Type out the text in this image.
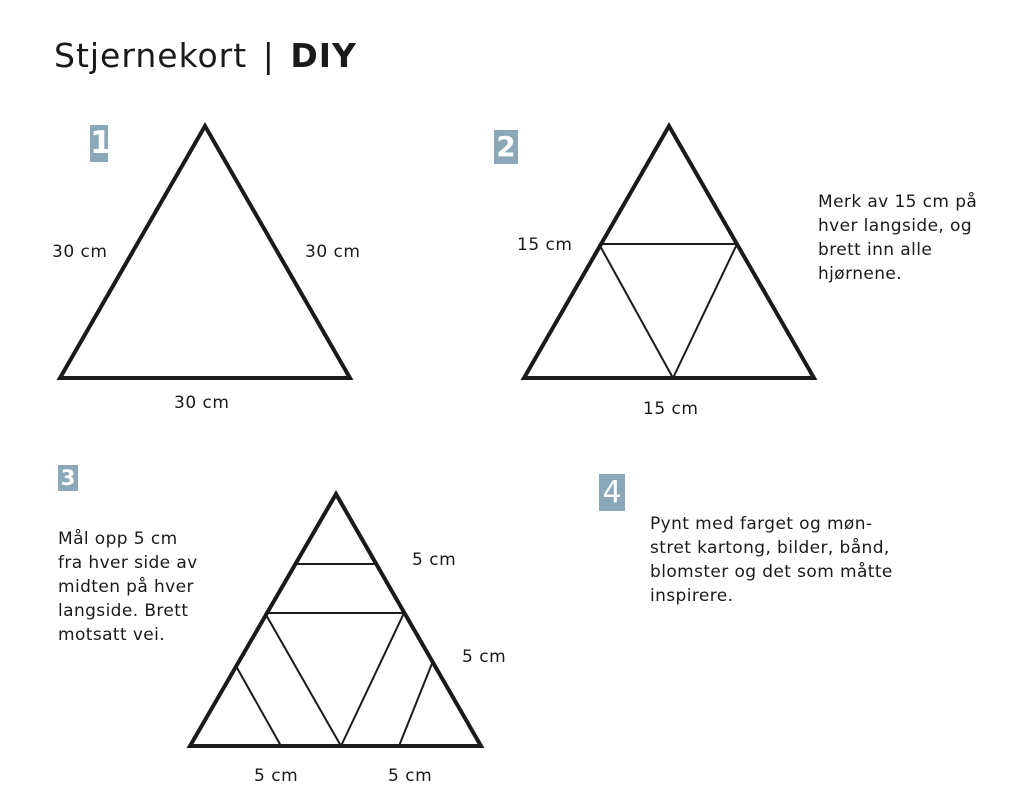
Stjernekort | DIY
1	2
3	4
30 cm	30 cm
30 cm
15 cm
15 cm
Merk av 15 cm på
hver langside, og
brett inn alle
hjørnene.
Mål opp 5 cm
fra hver side av
midten på hver
langside. Brett
motsatt vei.
5 cm
5 cm
5 cm	5 cm
Pynt med farget og møn-
stret kartong, bilder, bånd,
blomster og det som måtte
inspirere.
